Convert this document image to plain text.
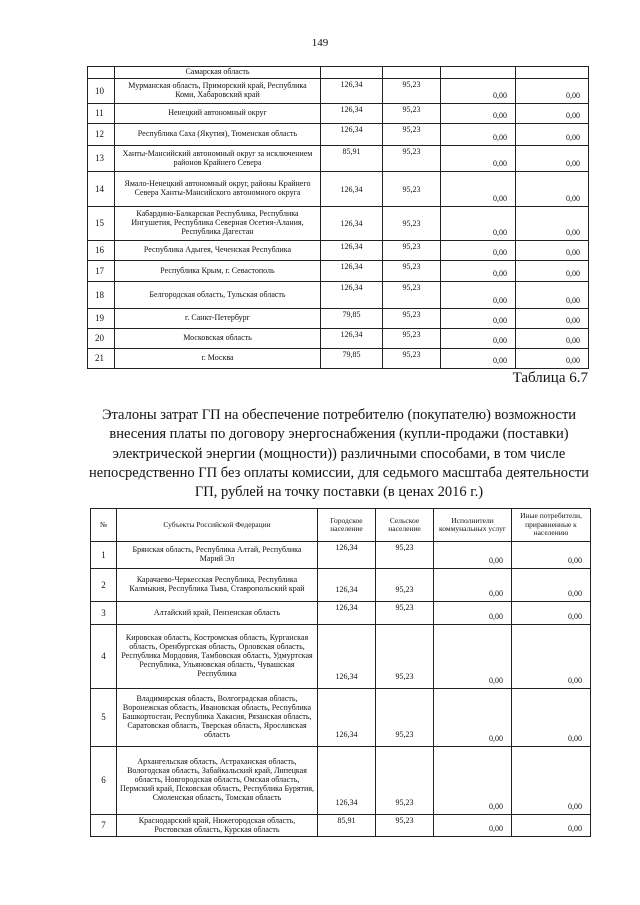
149
	Самарская область				
10	Мурманская область, Приморский край, Республика Коми, Хабаровский край	126,34	95,23	0,00	0,00
11	Ненецкий автономный округ	126,34	95,23	0,00	0,00
12	Республика Саха (Якутия), Тюменская область	126,34	95,23	0,00	0,00
13	Ханты-Мансийский автономный округ за исключением районов Крайнего Севера	85,91	95,23	0,00	0,00
14	Ямало-Ненецкий автономный округ, районы Крайнего Севера Ханты-Мансийского автономного округа	126,34	95,23	0,00	0,00
15	Кабардино-Балкарская Республика, Республика Ингушетия, Республика Северная Осетия-Алания, Республика Дагестан	126,34	95,23	0,00	0,00
16	Республика Адыгея, Чеченская Республика	126,34	95,23	0,00	0,00
17	Республика Крым, г. Севастополь	126,34	95,23	0,00	0,00
18	Белгородская область, Тульская область	126,34	95,23	0,00	0,00
19	г. Санкт-Петербург	79,85	95,23	0,00	0,00
20	Московская область	126,34	95,23	0,00	0,00
21	г. Москва	79,85	95,23	0,00	0,00
Таблица 6.7
Эталоны затрат ГП на обеспечение потребителю (покупателю) возможности внесения платы по договору энергоснабжения (купли-продажи (поставки) электрической энергии (мощности)) различными способами, в том числе непосредственно ГП без оплаты комиссии, для седьмого масштаба деятельности ГП, рублей на точку поставки (в ценах 2016 г.)
№	Субъекты Российской Федерации	Городское население	Сельское население	Исполнители коммунальных услуг	Иные потребители, приравненные к населению
1	Брянская область, Республика Алтай, Республика Марий Эл	126,34	95,23	0,00	0,00
2	Карачаево-Черкесская Республика, Республика Калмыкия, Республика Тыва, Ставропольский край	126,34	95,23	0,00	0,00
3	Алтайский край, Пензенская область	126,34	95,23	0,00	0,00
4	Кировская область, Костромская область, Курганская область, Оренбургская область, Орловская область, Республика Мордовия, Тамбовская область, Удмуртская Республика, Ульяновская область, Чувашская Республика	126,34	95,23	0,00	0,00
5	Владимирская область, Волгоградская область, Воронежская область, Ивановская область, Республика Башкортостан, Республика Хакасия, Рязанская область, Саратовская область, Тверская область, Ярославская область	126,34	95,23	0,00	0,00
6	Архангельская область, Астраханская область, Вологодская область, Забайкальский край, Липецкая область, Новгородская область, Омская область, Пермский край, Псковская область, Республика Бурятия, Смоленская область, Томская область	126,34	95,23	0,00	0,00
7	Краснодарский край, Нижегородская область, Ростовская область, Курская область	85,91	95,23	0,00	0,00
